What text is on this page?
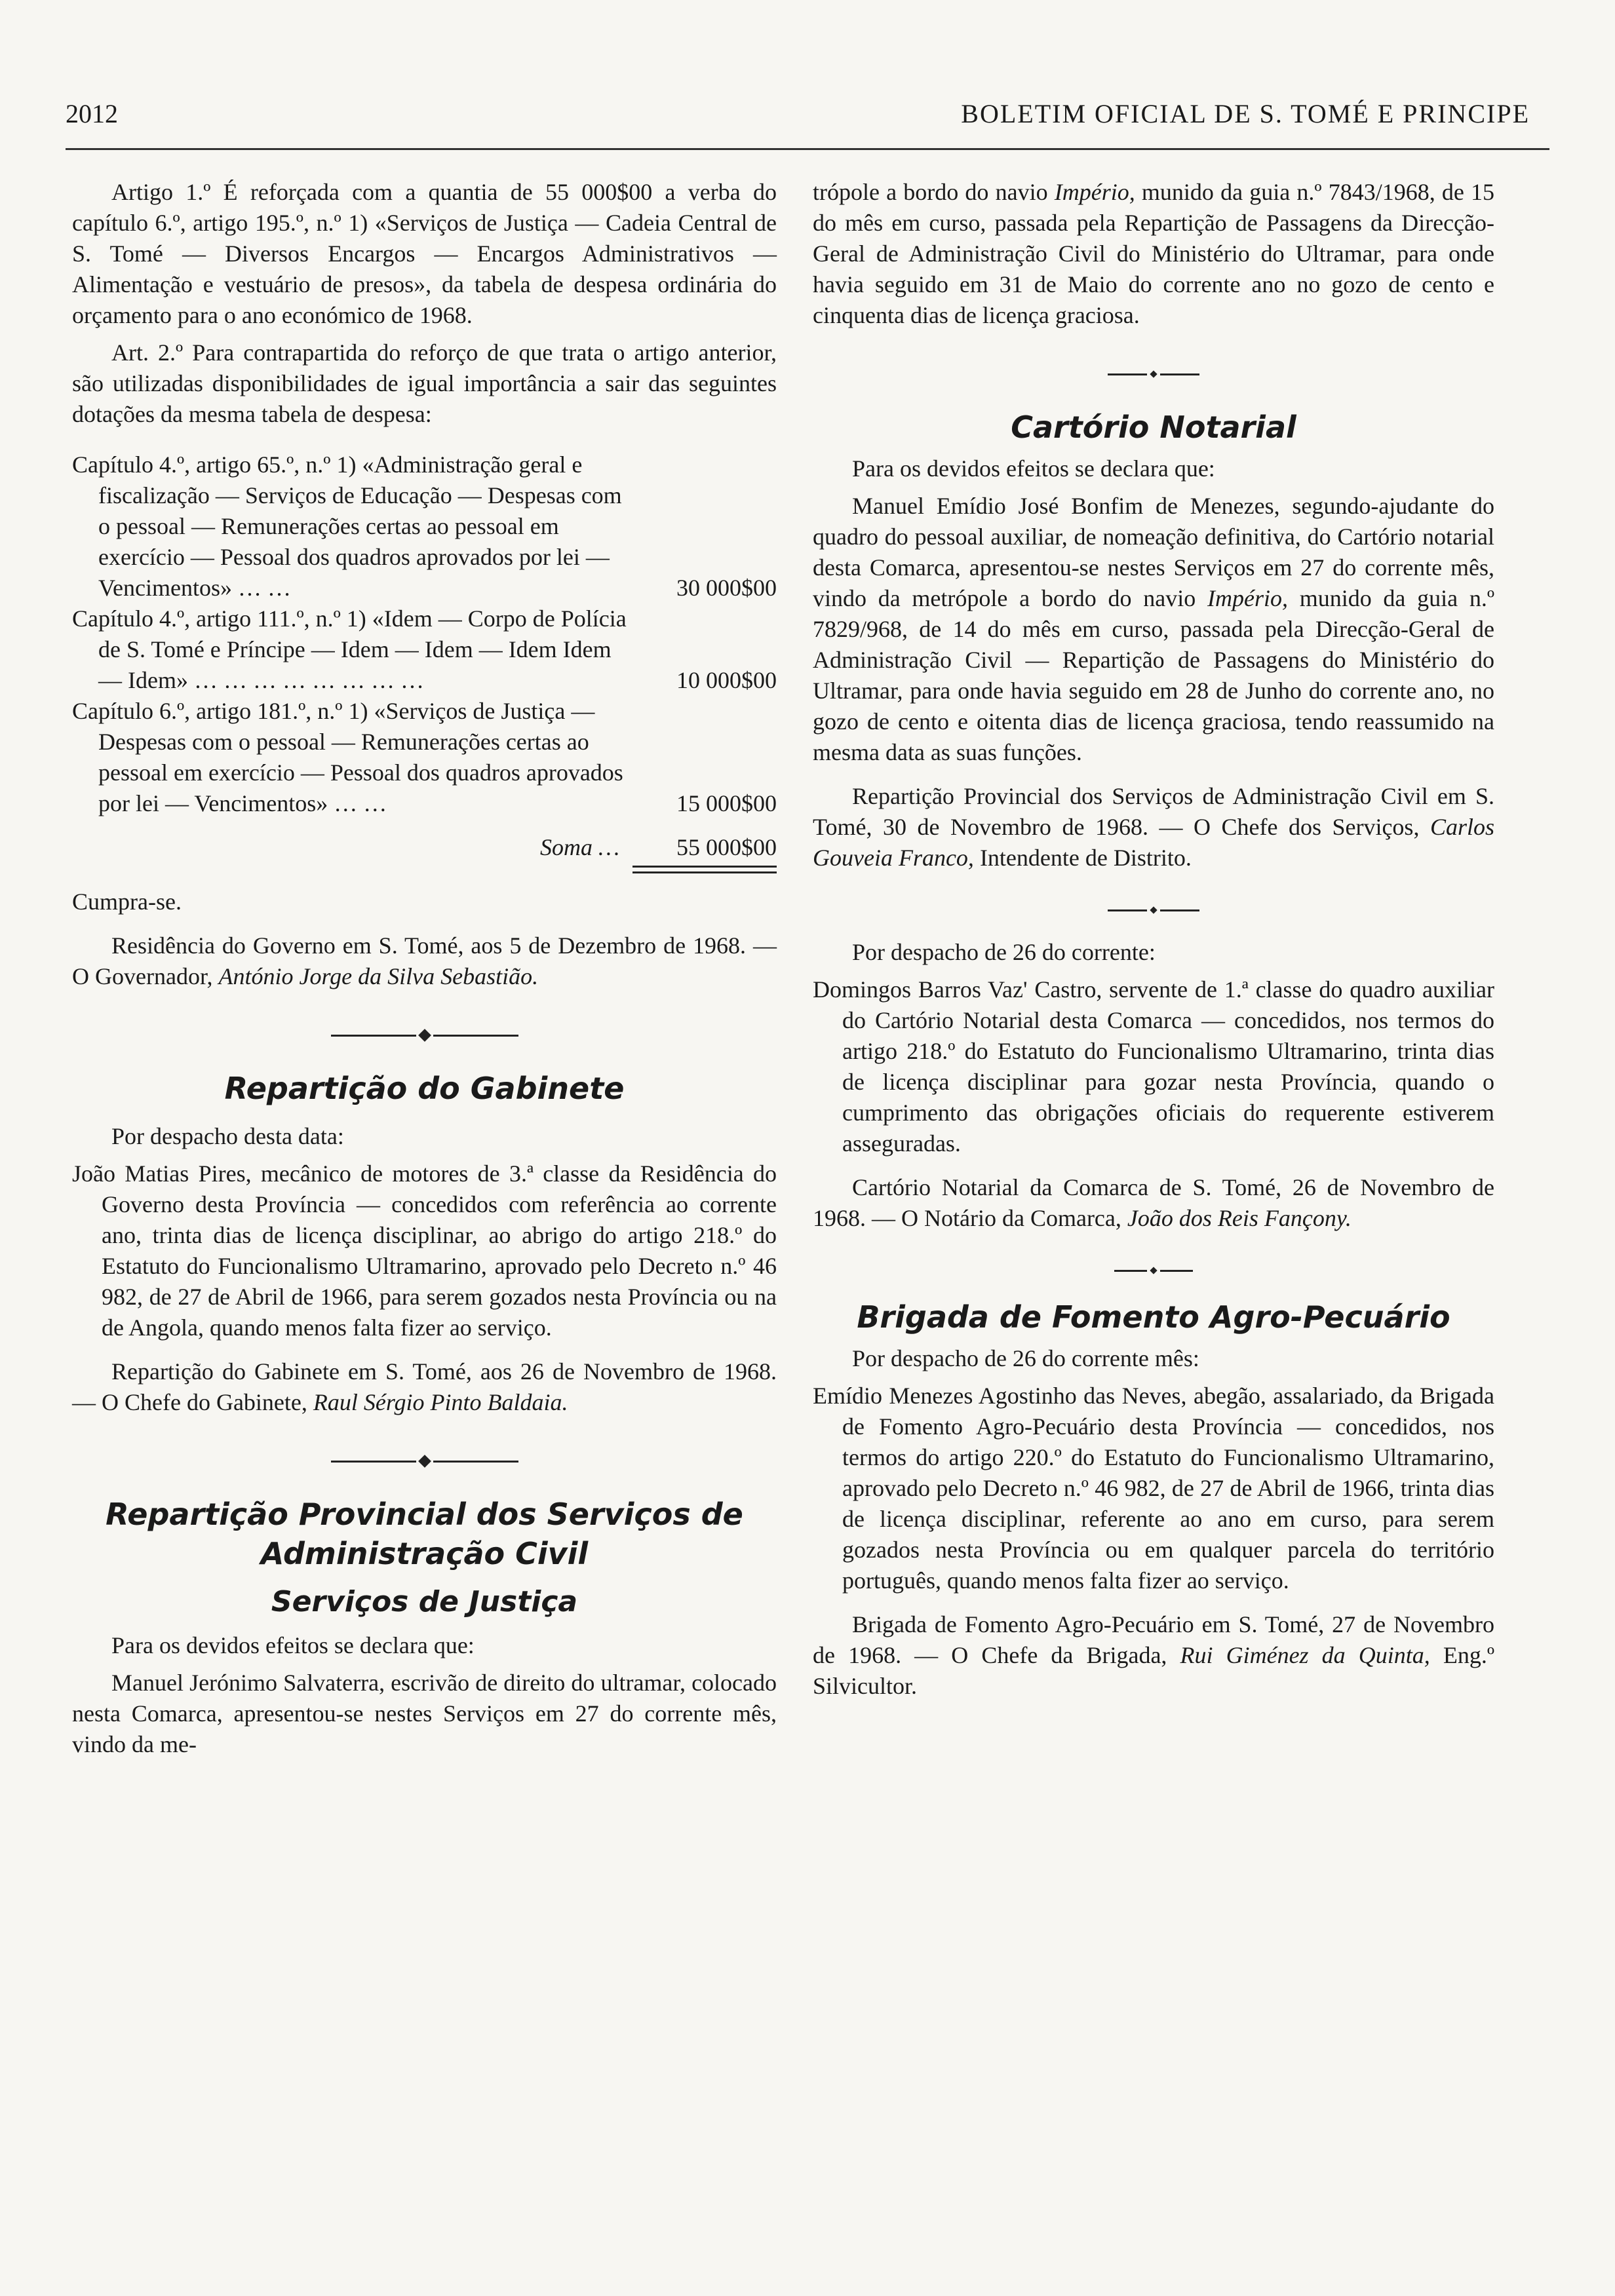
2012	BOLETIM OFICIAL DE S. TOMÉ E PRINCIPE

Artigo 1.º É reforçada com a quantia de 55 000$00 a verba do capítulo 6.º, artigo 195.º, n.º 1) «Serviços de Justiça — Cadeia Central de S. Tomé — Diversos Encargos — Encargos Administrativos — Alimentação e vestuário de presos», da tabela de despesa ordinária do orçamento para o ano económico de 1968.

Art. 2.º Para contrapartida do reforço de que trata o artigo anterior, são utilizadas disponibilidades de igual importância a sair das seguintes dotações da mesma tabela de despesa:

Capítulo 4.º, artigo 65.º, n.º 1) «Administração geral e fiscalização — Serviços de Educação — Despesas com o pessoal — Remunerações certas ao pessoal em exercício — Pessoal dos quadros aprovados por lei — Vencimentos» … …	30 000$00
Capítulo 4.º, artigo 111.º, n.º 1) «Idem — Corpo de Polícia de S. Tomé e Príncipe — Idem — Idem — Idem Idem — Idem» … … … … … … … …	10 000$00
Capítulo 6.º, artigo 181.º, n.º 1) «Serviços de Justiça — Despesas com o pessoal — Remunerações certas ao pessoal em exercício — Pessoal dos quadros aprovados por lei — Vencimentos» … …	15 000$00
Soma …	55 000$00

Cumpra-se.

Residência do Governo em S. Tomé, aos 5 de Dezembro de 1968. — O Governador, António Jorge da Silva Sebastião.

Repartição do Gabinete

Por despacho desta data:

João Matias Pires, mecânico de motores de 3.ª classe da Residência do Governo desta Província — concedidos com referência ao corrente ano, trinta dias de licença disciplinar, ao abrigo do artigo 218.º do Estatuto do Funcionalismo Ultramarino, aprovado pelo Decreto n.º 46 982, de 27 de Abril de 1966, para serem gozados nesta Província ou na de Angola, quando menos falta fizer ao serviço.

Repartição do Gabinete em S. Tomé, aos 26 de Novembro de 1968. — O Chefe do Gabinete, Raul Sérgio Pinto Baldaia.

Repartição Provincial dos Serviços de Administração Civil
Serviços de Justiça

Para os devidos efeitos se declara que:

Manuel Jerónimo Salvaterra, escrivão de direito do ultramar, colocado nesta Comarca, apresentou-se nestes Serviços em 27 do corrente mês, vindo da me-

trópole a bordo do navio Império, munido da guia n.º 7843/1968, de 15 do mês em curso, passada pela Repartição de Passagens da Direcção-Geral de Administração Civil do Ministério do Ultramar, para onde havia seguido em 31 de Maio do corrente ano no gozo de cento e cinquenta dias de licença graciosa.

Cartório Notarial

Para os devidos efeitos se declara que:

Manuel Emídio José Bonfim de Menezes, segundo-ajudante do quadro do pessoal auxiliar, de nomeação definitiva, do Cartório notarial desta Comarca, apresentou-se nestes Serviços em 27 do corrente mês, vindo da metrópole a bordo do navio Império, munido da guia n.º 7829/968, de 14 do mês em curso, passada pela Direcção-Geral de Administração Civil — Repartição de Passagens do Ministério do Ultramar, para onde havia seguido em 28 de Junho do corrente ano, no gozo de cento e oitenta dias de licença graciosa, tendo reassumido na mesma data as suas funções.

Repartição Provincial dos Serviços de Administração Civil em S. Tomé, 30 de Novembro de 1968. — O Chefe dos Serviços, Carlos Gouveia Franco, Intendente de Distrito.

Por despacho de 26 do corrente:

Domingos Barros Vaz' Castro, servente de 1.ª classe do quadro auxiliar do Cartório Notarial desta Comarca — concedidos, nos termos do artigo 218.º do Estatuto do Funcionalismo Ultramarino, trinta dias de licença disciplinar para gozar nesta Província, quando o cumprimento das obrigações oficiais do requerente estiverem asseguradas.

Cartório Notarial da Comarca de S. Tomé, 26 de Novembro de 1968. — O Notário da Comarca, João dos Reis Fançony.

Brigada de Fomento Agro-Pecuário

Por despacho de 26 do corrente mês:

Emídio Menezes Agostinho das Neves, abegão, assalariado, da Brigada de Fomento Agro-Pecuário desta Província — concedidos, nos termos do artigo 220.º do Estatuto do Funcionalismo Ultramarino, aprovado pelo Decreto n.º 46 982, de 27 de Abril de 1966, trinta dias de licença disciplinar, referente ao ano em curso, para serem gozados nesta Província ou em qualquer parcela do território português, quando menos falta fizer ao serviço.

Brigada de Fomento Agro-Pecuário em S. Tomé, 27 de Novembro de 1968. — O Chefe da Brigada, Rui Giménez da Quinta, Eng.º Silvicultor.
